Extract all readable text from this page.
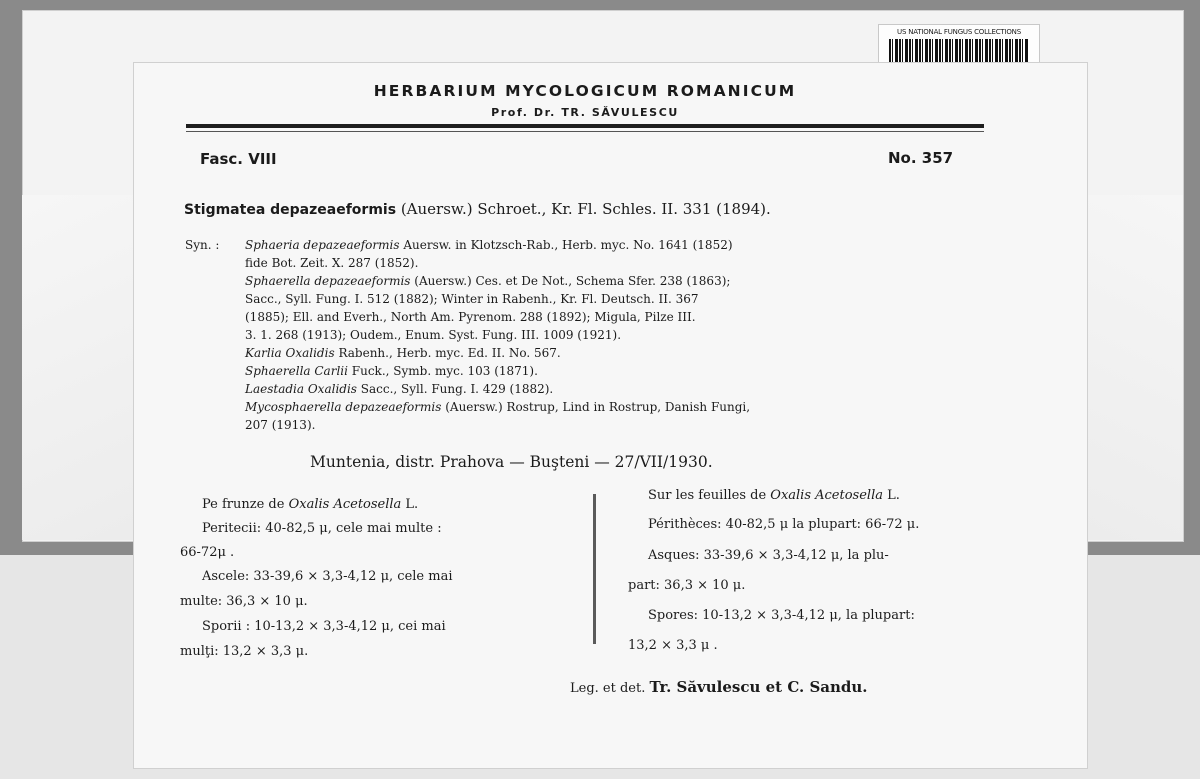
US NATIONAL FUNGUS COLLECTIONS
HERBARIUM MYCOLOGICUM ROMANICUM
Prof. Dr. TR. SĂVULESCU
Fasc. VIII	No. 357
Stigmatea depazeaeformis (Auersw.) Schroet., Kr. Fl. Schles. II. 331 (1894).
Syn. : Sphaeria depazeaeformis Auersw. in Klotzsch-Rab., Herb. myc. No. 1641 (1852)
fide Bot. Zeit. X. 287 (1852).
Sphaerella depazeaeformis (Auersw.) Ces. et De Not., Schema Sfer. 238 (1863);
Sacc., Syll. Fung. I. 512 (1882); Winter in Rabenh., Kr. Fl. Deutsch. II. 367
(1885); Ell. and Everh., North Am. Pyrenom. 288 (1892); Migula, Pilze III.
3. 1. 268 (1913); Oudem., Enum. Syst. Fung. III. 1009 (1921).
Karlia Oxalidis Rabenh., Herb. myc. Ed. II. No. 567.
Sphaerella Carlii Fuck., Symb. myc. 103 (1871).
Laestadia Oxalidis Sacc., Syll. Fung. I. 429 (1882).
Mycosphaerella depazeaeformis (Auersw.) Rostrup, Lind in Rostrup, Danish Fungi,
207 (1913).
Muntenia, distr. Prahova — Buşteni — 27/VII/1930.
Pe frunze de Oxalis Acetosella L.
Peritecii: 40-82,5 μ, cele mai multe :
66-72μ .
Ascele: 33-39,6 × 3,3-4,12 μ, cele mai
multe: 36,3 × 10 μ.
Sporii : 10-13,2 × 3,3-4,12 μ, cei mai
mulţi: 13,2 × 3,3 μ.
Sur les feuilles de Oxalis Acetosella L.
Périthèces: 40-82,5 μ la plupart: 66-72 μ.
Asques: 33-39,6 × 3,3-4,12 μ, la plu-
part: 36,3 × 10 μ.
Spores: 10-13,2 × 3,3-4,12 μ, la plupart:
13,2 × 3,3 μ .
Leg. et det. Tr. Săvulescu et C. Sandu.
